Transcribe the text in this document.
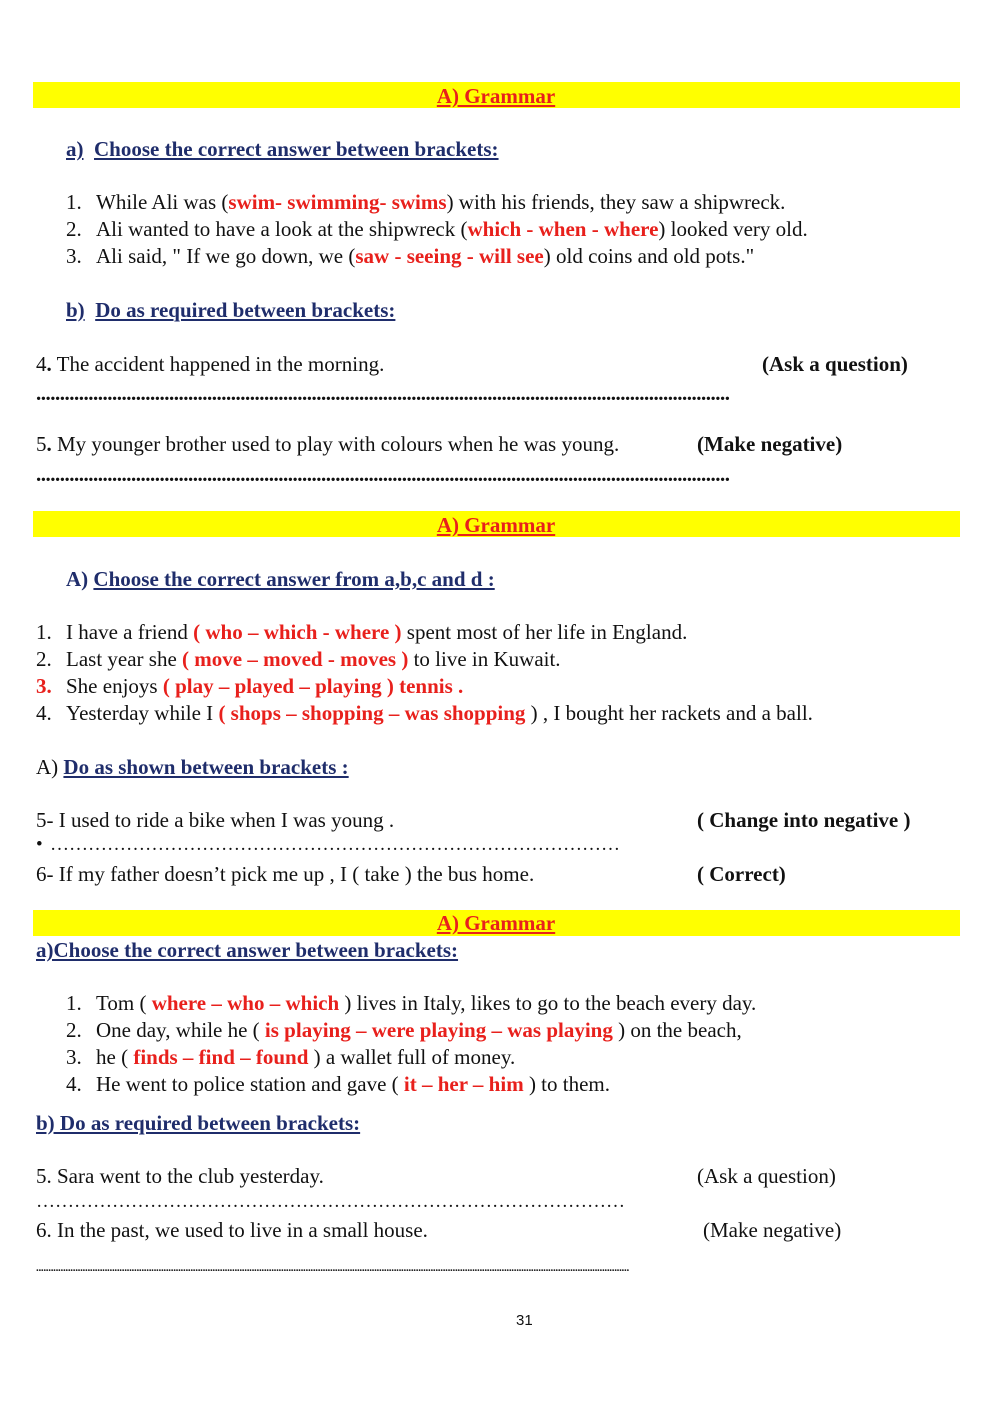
A) Grammar
a) Choose the correct answer between brackets:
1. While Ali was (swim- swimming- swims) with his friends, they saw a shipwreck.
2. Ali wanted to have a look at the shipwreck (which - when - where) looked very old.
3. Ali said, " If we go down, we (saw - seeing - will see) old coins and old pots."
b) Do as required between brackets:
4. The accident happened in the morning.	(Ask a question)
..................................................................................................................................................
5. My younger brother used to play with colours when he was young.	(Make negative)
..................................................................................................................................................
A) Grammar
A) Choose the correct answer from a,b,c and d :
1. I have a friend ( who – which - where ) spent most of her life in England.
2. Last year she ( move – moved - moves ) to live in Kuwait.
3. She enjoys ( play – played – playing ) tennis .
4. Yesterday while I ( shops – shopping – was shopping ) , I bought her rackets and a ball.
A) Do as shown between brackets :
5- I used to ride a bike when I was young .	( Change into negative )
• ………………………………………………………………………………
6- If my father doesn’t pick me up , I ( take ) the bus home.	( Correct)
A) Grammar
a)Choose the correct answer between brackets:
1. Tom ( where – who – which ) lives in Italy, likes to go to the beach every day.
2. One day, while he ( is playing – were playing – was playing ) on the beach,
3. he ( finds – find – found ) a wallet full of money.
4. He went to police station and gave ( it – her – him ) to them.
b) Do as required between brackets:
5. Sara went to the club yesterday.	(Ask a question)
…………………………………………………………………………………
6. In the past, we used to live in a small house.	(Make negative)
..................................................................................................................................................................................................................................................
31
